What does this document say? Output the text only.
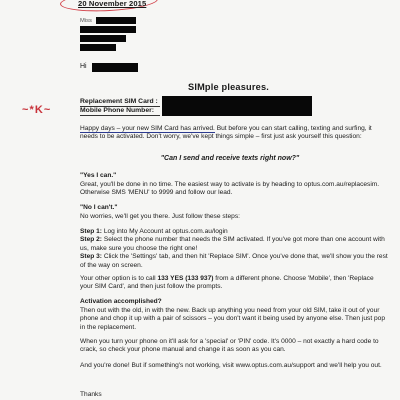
20 November 2015
Miss
Hi
SIMple pleasures.
Replacement SIM Card :
Mobile Phone Number:
~ * K ~

Happy days – your new SIM Card has arrived. But before you can start calling, texting and surfing, it needs to be activated. Don't worry, we've kept things simple – first just ask yourself this question:

"Can I send and receive texts right now?"
"Yes I can."
Great, you'll be done in no time. The easiest way to activate is by heading to optus.com.au/replacesim. Otherwise SMS 'MENU' to 9999 and follow our lead.
"No I can't."
No worries, we'll get you there. Just follow these steps:

Step 1: Log into My Account at optus.com.au/login

Step 2: Select the phone number that needs the SIM activated. If you've got more than one account with us, make sure you choose the right one!

Step 3: Click the 'Settings' tab, and then hit 'Replace SIM'. Once you've done that, we'll show you the rest of the way on screen.

Your other option is to call 133 YES (133 937) from a different phone. Choose 'Mobile', then 'Replace your SIM Card', and then just follow the prompts.

Activation accomplished?
Then out with the old, in with the new. Back up anything you need from your old SIM, take it out of your phone and chop it up with a pair of scissors – you don't want it being used by anyone else. Then just pop in the replacement.
When you turn your phone on it'll ask for a 'special' or 'PIN' code. It's 0000 – not exactly a hard code to crack, so check your phone manual and change it as soon as you can.
And you're done! But if something's not working, visit www.optus.com.au/support and we'll help you out.
Thanks
